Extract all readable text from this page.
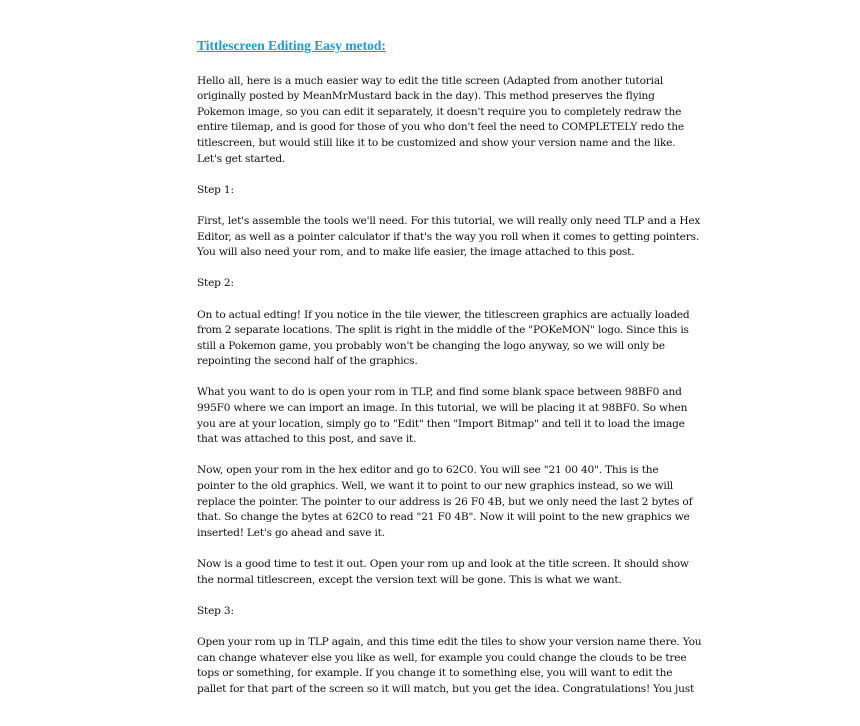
Tittlescreen Editing Easy metod:
Hello all, here is a much easier way to edit the title screen (Adapted from another tutorial
originally posted by MeanMrMustard back in the day). This method preserves the flying
Pokemon image, so you can edit it separately, it doesn't require you to completely redraw the
entire tilemap, and is good for those of you who don't feel the need to COMPLETELY redo the
titlescreen, but would still like it to be customized and show your version name and the like.
Let's get started.
Step 1:
First, let's assemble the tools we'll need. For this tutorial, we will really only need TLP and a Hex
Editor, as well as a pointer calculator if that's the way you roll when it comes to getting pointers.
You will also need your rom, and to make life easier, the image attached to this post.
Step 2:
On to actual edting! If you notice in the tile viewer, the titlescreen graphics are actually loaded
from 2 separate locations. The split is right in the middle of the "POKeMON" logo. Since this is
still a Pokemon game, you probably won't be changing the logo anyway, so we will only be
repointing the second half of the graphics.
What you want to do is open your rom in TLP, and find some blank space between 98BF0 and
995F0 where we can import an image. In this tutorial, we will be placing it at 98BF0. So when
you are at your location, simply go to "Edit" then "Import Bitmap" and tell it to load the image
that was attached to this post, and save it.
Now, open your rom in the hex editor and go to 62C0. You will see "21 00 40". This is the
pointer to the old graphics. Well, we want it to point to our new graphics instead, so we will
replace the pointer. The pointer to our address is 26 F0 4B, but we only need the last 2 bytes of
that. So change the bytes at 62C0 to read "21 F0 4B". Now it will point to the new graphics we
inserted! Let's go ahead and save it.
Now is a good time to test it out. Open your rom up and look at the title screen. It should show
the normal titlescreen, except the version text will be gone. This is what we want.
Step 3:
Open your rom up in TLP again, and this time edit the tiles to show your version name there. You
can change whatever else you like as well, for example you could change the clouds to be tree
tops or something, for example. If you change it to something else, you will want to edit the
pallet for that part of the screen so it will match, but you get the idea. Congratulations! You just
